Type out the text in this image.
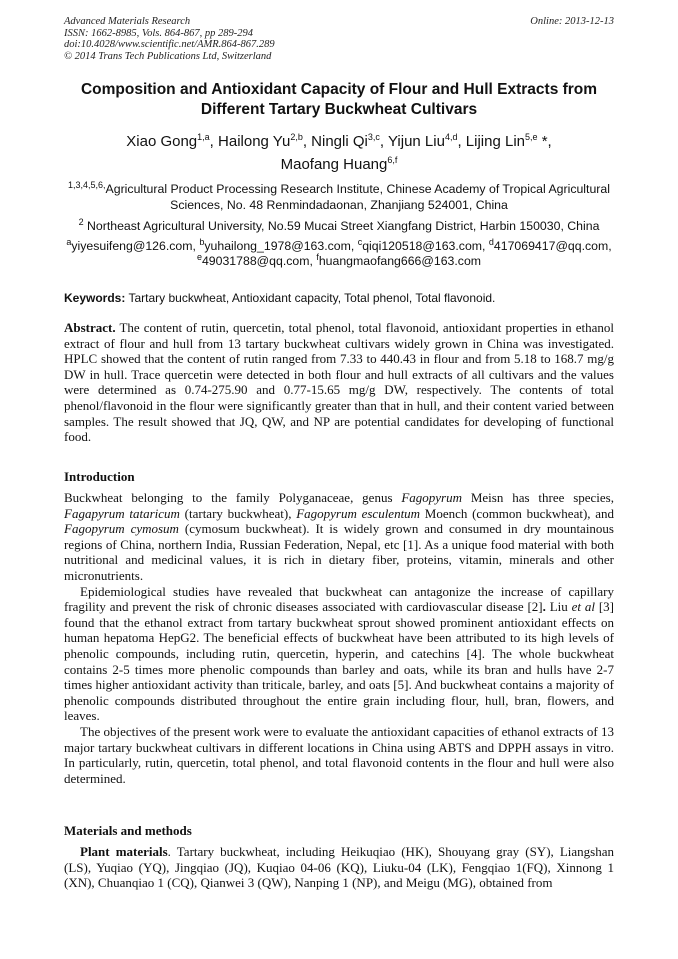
Advanced Materials Research	Online: 2013-12-13
ISSN: 1662-8985, Vols. 864-867, pp 289-294
doi:10.4028/www.scientific.net/AMR.864-867.289
© 2014 Trans Tech Publications Ltd, Switzerland
Composition and Antioxidant Capacity of Flour and Hull Extracts from
Different Tartary Buckwheat Cultivars
Xiao Gong$^{1,a}$, Hailong Yu$^{2,b}$, Ningli Qi$^{3,c}$, Yijun Liu$^{4,d}$, Lijing Lin$^{5,e}$ *,
Maofang Huang$^{6,f}$
$^{1,3,4,5,6,}$Agricultural Product Processing Research Institute, Chinese Academy of Tropical Agricultural
Sciences, No. 48 Renmindadaonan, Zhanjiang 524001, China
$^2$ Northeast Agricultural University, No.59 Mucai Street Xiangfang District, Harbin 150030, China
$^a$yiyesuifeng@126.com, $^b$yuhailong_1978@163.com, $^c$qiqi120518@163.com, $^d$417069417@qq.com,
$^e$49031788@qq.com, $^f$huangmaofang666@163.com
Keywords: Tartary buckwheat, Antioxidant capacity, Total phenol, Total flavonoid.

Abstract. The content of rutin, quercetin, total phenol, total flavonoid, antioxidant properties in ethanol extract of flour and hull from 13 tartary buckwheat cultivars widely grown in China was investigated. HPLC showed that the content of rutin ranged from 7.33 to 440.43 in flour and from 5.18 to 168.7 mg/g DW in hull. Trace quercetin were detected in both flour and hull extracts of all cultivars and the values were determined as 0.74-275.90 and 0.77-15.65 mg/g DW, respectively. The contents of total phenol/flavonoid in the flour were significantly greater than that in hull, and their content varied between samples. The result showed that JQ, QW, and NP are potential candidates for developing of functional food.

Introduction

Buckwheat belonging to the family Polyganaceae, genus Fagopyrum Meisn has three species, Fagapyrum tataricum (tartary buckwheat), Fagopyrum esculentum Moench (common buckwheat), and Fagopyrum cymosum (cymosum buckwheat). It is widely grown and consumed in dry mountainous regions of China, northern India, Russian Federation, Nepal, etc [1]. As a unique food material with both nutritional and medicinal values, it is rich in dietary fiber, proteins, vitamin, minerals and other micronutrients.

Epidemiological studies have revealed that buckwheat can antagonize the increase of capillary fragility and prevent the risk of chronic diseases associated with cardiovascular disease [2]. Liu et al [3] found that the ethanol extract from tartary buckwheat sprout showed prominent antioxidant effects on human hepatoma HepG2. The beneficial effects of buckwheat have been attributed to its high levels of phenolic compounds, including rutin, quercetin, hyperin, and catechins [4]. The whole buckwheat contains 2-5 times more phenolic compounds than barley and oats, while its bran and hulls have 2-7 times higher antioxidant activity than triticale, barley, and oats [5]. And buckwheat contains a majority of phenolic compounds distributed throughout the entire grain including flour, hull, bran, flowers, and leaves.

The objectives of the present work were to evaluate the antioxidant capacities of ethanol extracts of 13 major tartary buckwheat cultivars in different locations in China using ABTS and DPPH assays in vitro. In particularly, rutin, quercetin, total phenol, and total flavonoid contents in the flour and hull were also determined.

Materials and methods

Plant materials. Tartary buckwheat, including Heikuqiao (HK), Shouyang gray (SY), Liangshan (LS), Yuqiao (YQ), Jingqiao (JQ), Kuqiao 04-06 (KQ), Liuku-04 (LK), Fengqiao 1(FQ), Xinnong 1 (XN), Chuanqiao 1 (CQ), Qianwei 3 (QW), Nanping 1 (NP), and Meigu (MG), obtained from
